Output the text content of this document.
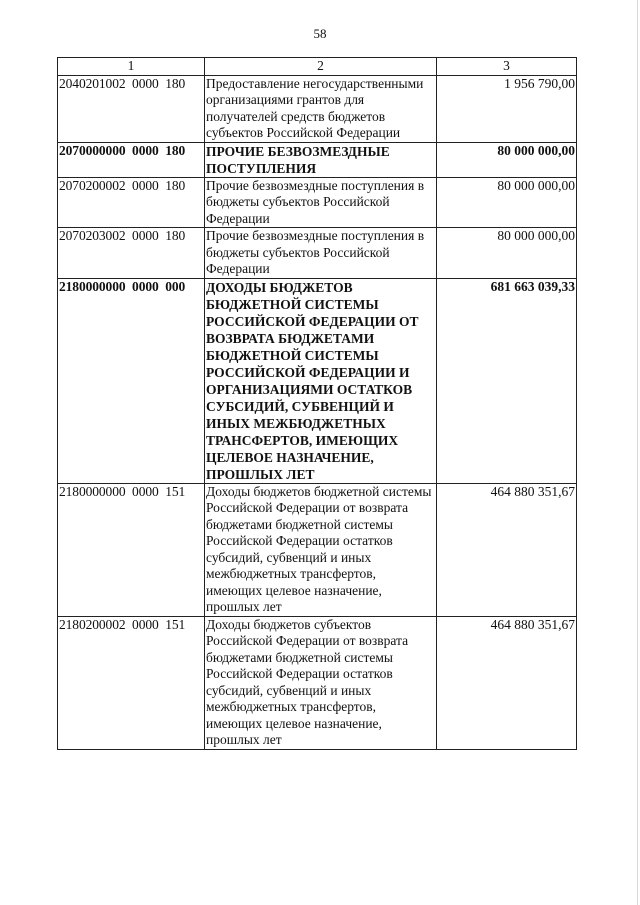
58
1	2	3
2040201002  0000  180	Предоставление негосударственными организациями грантов для получателей средств бюджетов субъектов Российской Федерации	1 956 790,00
2070000000  0000  180	ПРОЧИЕ БЕЗВОЗМЕЗДНЫЕ ПОСТУПЛЕНИЯ	80 000 000,00
2070200002  0000  180	Прочие безвозмездные поступления в бюджеты субъектов Российской Федерации	80 000 000,00
2070203002  0000  180	Прочие безвозмездные поступления в бюджеты субъектов Российской Федерации	80 000 000,00
2180000000  0000  000	ДОХОДЫ БЮДЖЕТОВ БЮДЖЕТНОЙ СИСТЕМЫ РОССИЙСКОЙ ФЕДЕРАЦИИ ОТ ВОЗВРАТА БЮДЖЕТАМИ БЮДЖЕТНОЙ СИСТЕМЫ РОССИЙСКОЙ ФЕДЕРАЦИИ И ОРГАНИЗАЦИЯМИ ОСТАТКОВ СУБСИДИЙ, СУБВЕНЦИЙ И ИНЫХ МЕЖБЮДЖЕТНЫХ ТРАНСФЕРТОВ, ИМЕЮЩИХ ЦЕЛЕВОЕ НАЗНАЧЕНИЕ, ПРОШЛЫХ ЛЕТ	681 663 039,33
2180000000  0000  151	Доходы бюджетов бюджетной системы Российской Федерации от возврата бюджетами бюджетной системы Российской Федерации остатков субсидий, субвенций и иных межбюджетных трансфертов, имеющих целевое назначение, прошлых лет	464 880 351,67
2180200002  0000  151	Доходы бюджетов субъектов Российской Федерации от возврата бюджетами бюджетной системы Российской Федерации остатков субсидий, субвенций и иных межбюджетных трансфертов, имеющих целевое назначение, прошлых лет	464 880 351,67
